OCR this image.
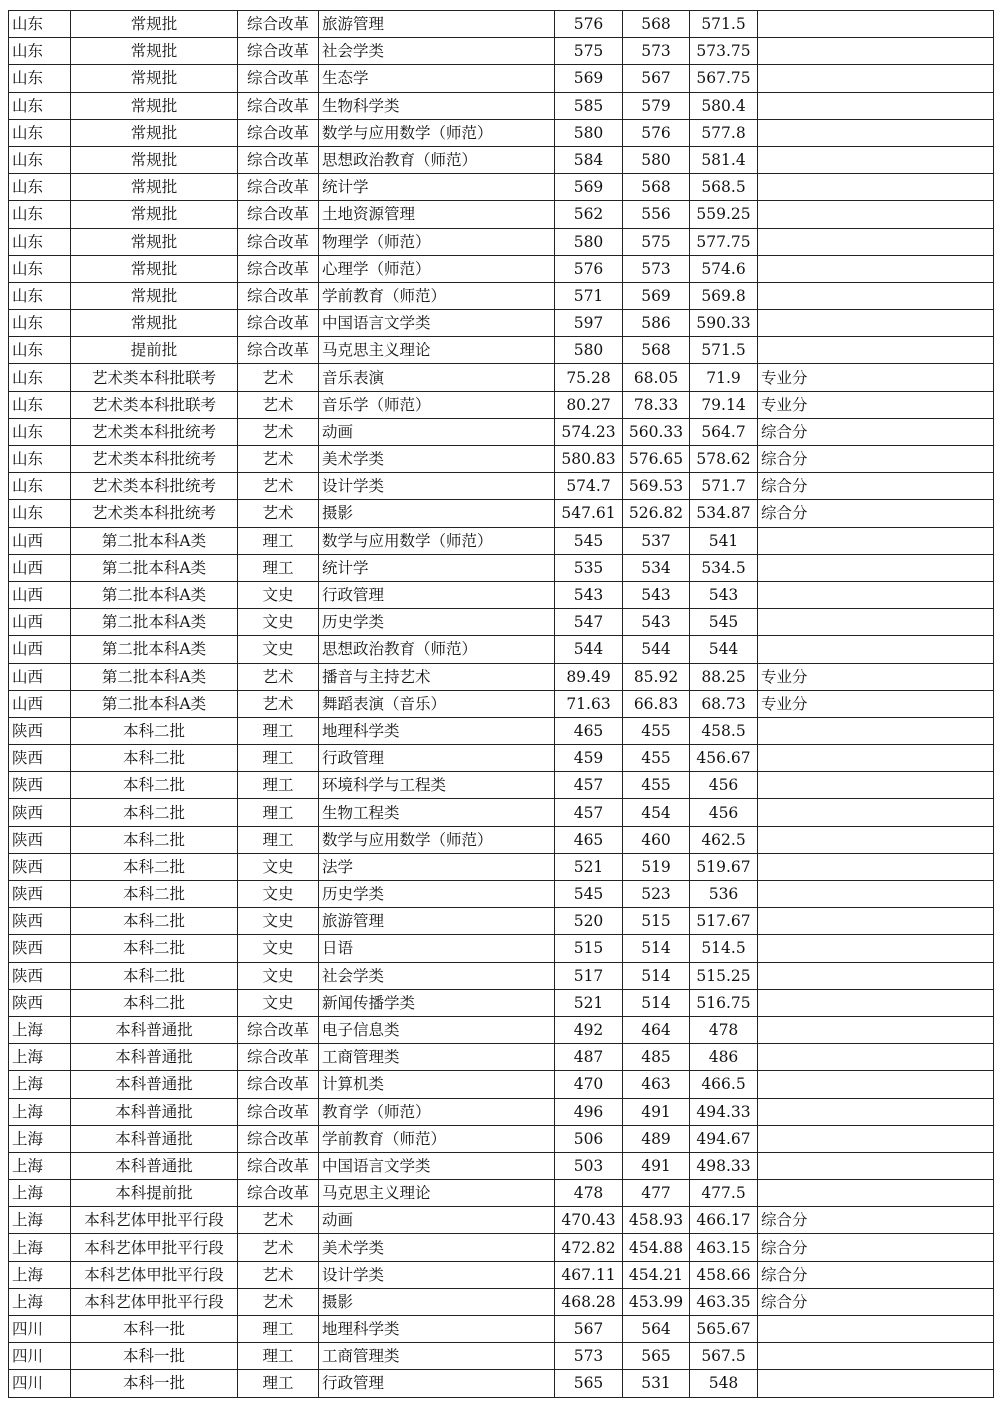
山东	常规批	综合改革	旅游管理	576	568	571.5	
山东	常规批	综合改革	社会学类	575	573	573.75	
山东	常规批	综合改革	生态学	569	567	567.75	
山东	常规批	综合改革	生物科学类	585	579	580.4	
山东	常规批	综合改革	数学与应用数学（师范）	580	576	577.8	
山东	常规批	综合改革	思想政治教育（师范）	584	580	581.4	
山东	常规批	综合改革	统计学	569	568	568.5	
山东	常规批	综合改革	土地资源管理	562	556	559.25	
山东	常规批	综合改革	物理学（师范）	580	575	577.75	
山东	常规批	综合改革	心理学（师范）	576	573	574.6	
山东	常规批	综合改革	学前教育（师范）	571	569	569.8	
山东	常规批	综合改革	中国语言文学类	597	586	590.33	
山东	提前批	综合改革	马克思主义理论	580	568	571.5	
山东	艺术类本科批联考	艺术	音乐表演	75.28	68.05	71.9	专业分
山东	艺术类本科批联考	艺术	音乐学（师范）	80.27	78.33	79.14	专业分
山东	艺术类本科批统考	艺术	动画	574.23	560.33	564.7	综合分
山东	艺术类本科批统考	艺术	美术学类	580.83	576.65	578.62	综合分
山东	艺术类本科批统考	艺术	设计学类	574.7	569.53	571.7	综合分
山东	艺术类本科批统考	艺术	摄影	547.61	526.82	534.87	综合分
山西	第二批本科A类	理工	数学与应用数学（师范）	545	537	541	
山西	第二批本科A类	理工	统计学	535	534	534.5	
山西	第二批本科A类	文史	行政管理	543	543	543	
山西	第二批本科A类	文史	历史学类	547	543	545	
山西	第二批本科A类	文史	思想政治教育（师范）	544	544	544	
山西	第二批本科A类	艺术	播音与主持艺术	89.49	85.92	88.25	专业分
山西	第二批本科A类	艺术	舞蹈表演（音乐）	71.63	66.83	68.73	专业分
陕西	本科二批	理工	地理科学类	465	455	458.5	
陕西	本科二批	理工	行政管理	459	455	456.67	
陕西	本科二批	理工	环境科学与工程类	457	455	456	
陕西	本科二批	理工	生物工程类	457	454	456	
陕西	本科二批	理工	数学与应用数学（师范）	465	460	462.5	
陕西	本科二批	文史	法学	521	519	519.67	
陕西	本科二批	文史	历史学类	545	523	536	
陕西	本科二批	文史	旅游管理	520	515	517.67	
陕西	本科二批	文史	日语	515	514	514.5	
陕西	本科二批	文史	社会学类	517	514	515.25	
陕西	本科二批	文史	新闻传播学类	521	514	516.75	
上海	本科普通批	综合改革	电子信息类	492	464	478	
上海	本科普通批	综合改革	工商管理类	487	485	486	
上海	本科普通批	综合改革	计算机类	470	463	466.5	
上海	本科普通批	综合改革	教育学（师范）	496	491	494.33	
上海	本科普通批	综合改革	学前教育（师范）	506	489	494.67	
上海	本科普通批	综合改革	中国语言文学类	503	491	498.33	
上海	本科提前批	综合改革	马克思主义理论	478	477	477.5	
上海	本科艺体甲批平行段	艺术	动画	470.43	458.93	466.17	综合分
上海	本科艺体甲批平行段	艺术	美术学类	472.82	454.88	463.15	综合分
上海	本科艺体甲批平行段	艺术	设计学类	467.11	454.21	458.66	综合分
上海	本科艺体甲批平行段	艺术	摄影	468.28	453.99	463.35	综合分
四川	本科一批	理工	地理科学类	567	564	565.67	
四川	本科一批	理工	工商管理类	573	565	567.5	
四川	本科一批	理工	行政管理	565	531	548	
